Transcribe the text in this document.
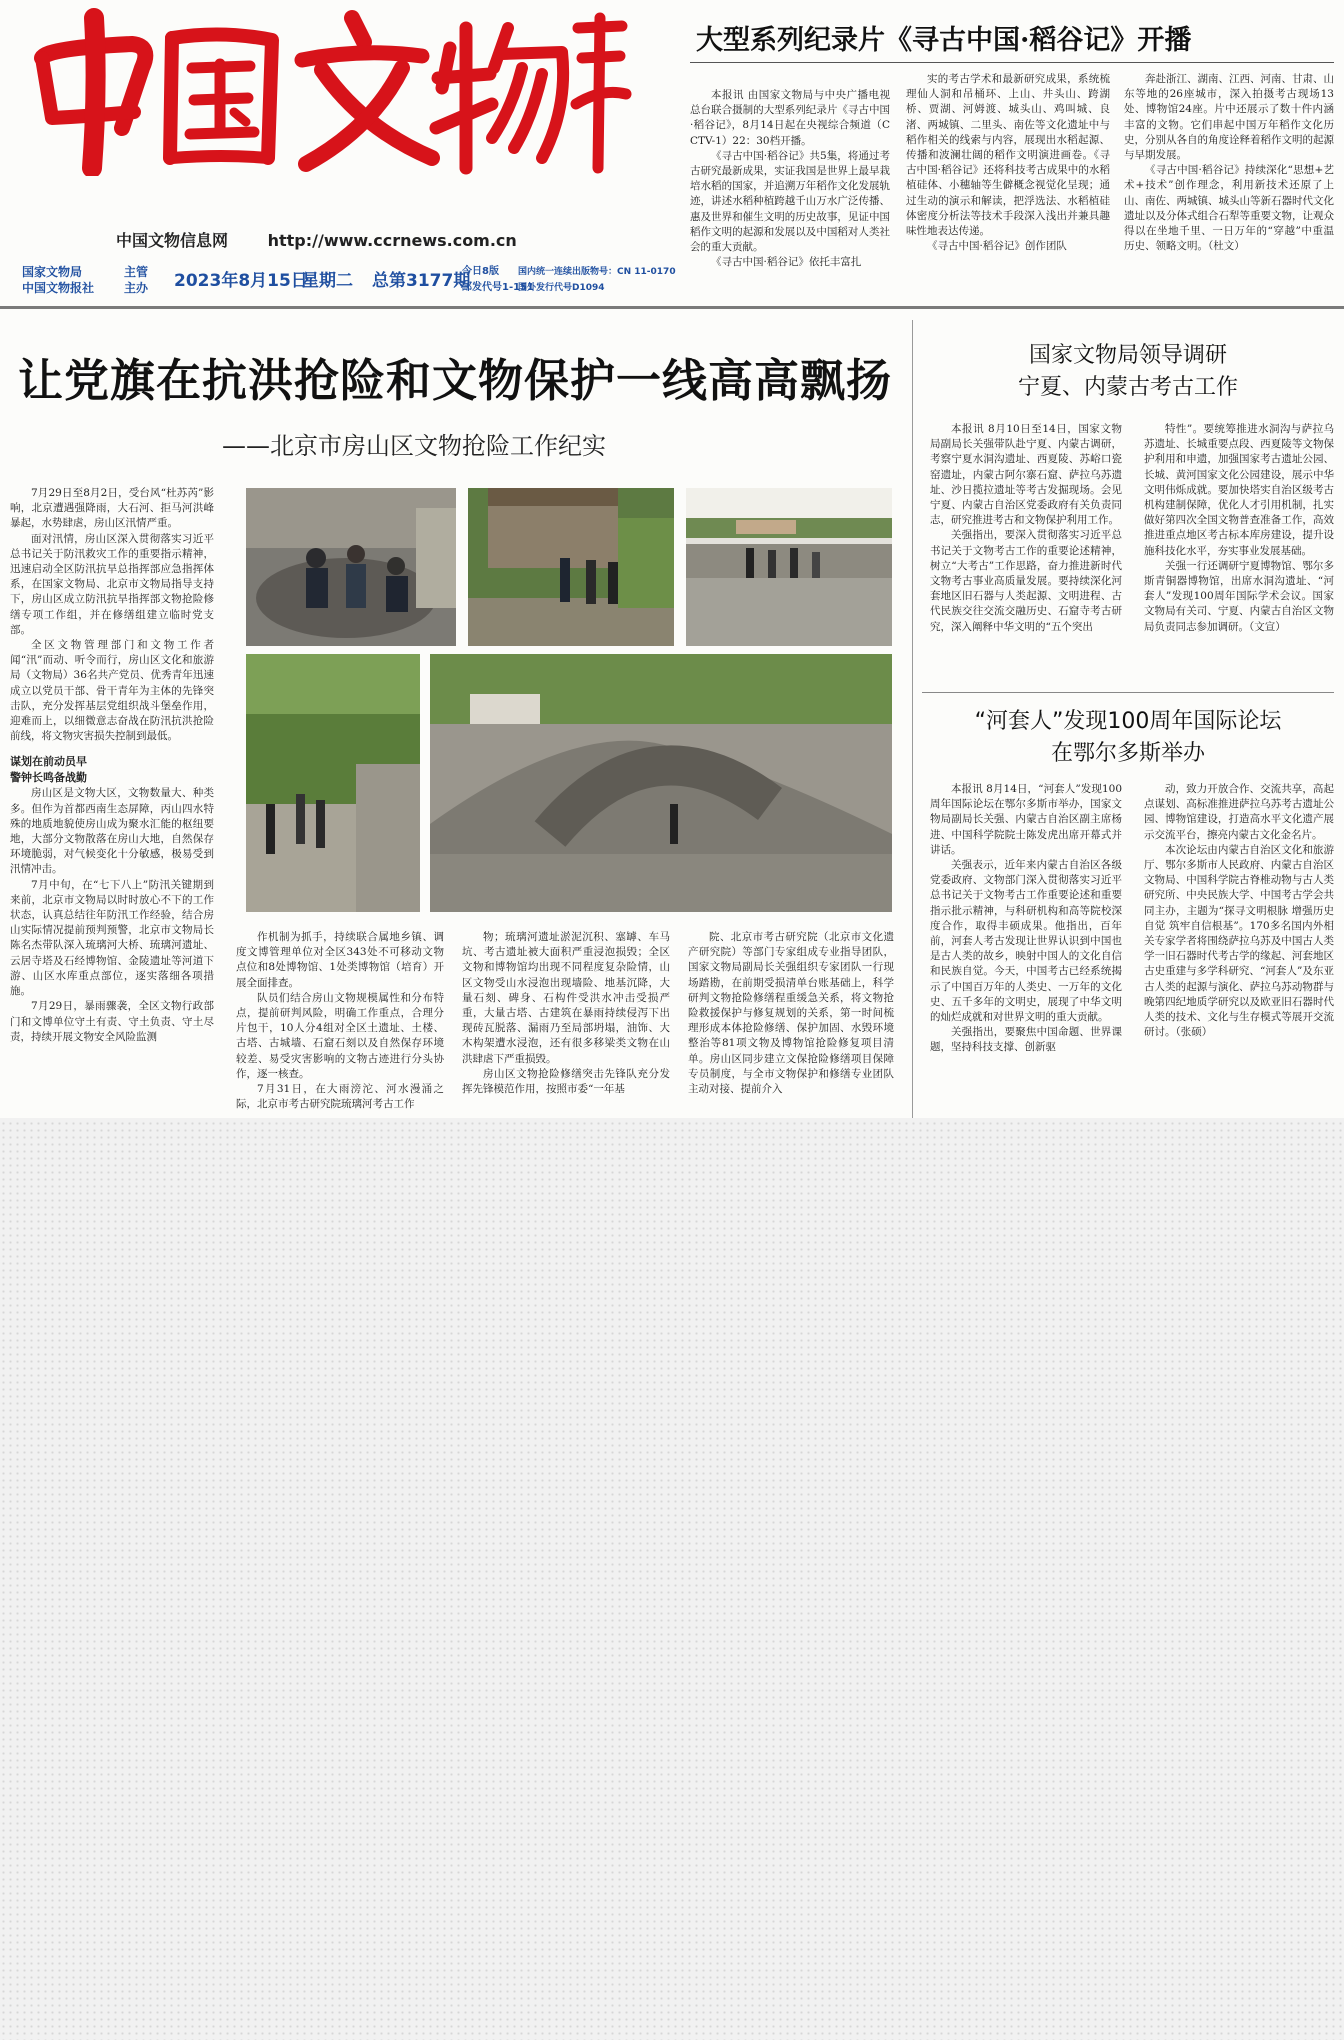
中国文物信息网 http://www.ccrnews.com.cn
国家文物局
中国文物报社
主管
主办 2023年8月15日
星期二 总第3177期
今日8版
邮发代号1-151
国内统一连续出版物号：CN 11-0170
国外发行代号D1094
大型系列纪录片《寻古中国·稻谷记》开播

本报讯 由国家文物局与中央广播电视总台联合摄制的大型系列纪录片《寻古中国·稻谷记》，8月14日起在央视综合频道（CCTV-1）22：30档开播。

《寻古中国·稻谷记》共5集，将通过考古研究最新成果，实证我国是世界上最早栽培水稻的国家，并追溯万年稻作文化发展轨迹，讲述水稻种植跨越千山万水广泛传播、惠及世界和催生文明的历史故事，见证中国稻作文明的起源和发展以及中国稻对人类社会的重大贡献。

《寻古中国·稻谷记》依托丰富扎

实的考古学术和最新研究成果，系统梳理仙人洞和吊桶环、上山、井头山、跨湖桥、贾湖、河姆渡、城头山、鸡叫城、良渚、两城镇、二里头、南佐等文化遗址中与稻作相关的线索与内容，展现出水稻起源、传播和波澜壮阔的稻作文明演进画卷。《寻古中国·稻谷记》还将科技考古成果中的水稻植硅体、小穗轴等生僻概念视觉化呈现；通过生动的演示和解读，把浮选法、水稻植硅体密度分析法等技术手段深入浅出并兼具趣味性地表达传递。

《寻古中国·稻谷记》创作团队

奔赴浙江、湖南、江西、河南、甘肃、山东等地的26座城市，深入拍摄考古现场13处、博物馆24座。片中还展示了数十件内涵丰富的文物。它们串起中国万年稻作文化历史，分别从各自的角度诠释着稻作文明的起源与早期发展。

《寻古中国·稻谷记》持续深化“思想+艺术+技术”创作理念，利用新技术还原了上山、南佐、两城镇、城头山等新石器时代文化遗址以及分体式组合石犁等重要文物，让观众得以在坐地千里、一日万年的“穿越”中重温历史、领略文明。（杜文）

让党旗在抗洪抢险和文物保护一线高高飘扬
——北京市房山区文物抢险工作纪实

7月29日至8月2日，受台风“杜苏芮”影响，北京遭遇强降雨，大石河、拒马河洪峰暴起，水势肆虐，房山区汛情严重。

面对汛情，房山区深入贯彻落实习近平总书记关于防汛救灾工作的重要指示精神，迅速启动全区防汛抗旱总指挥部应急指挥体系，在国家文物局、北京市文物局指导支持下，房山区成立防汛抗旱指挥部文物抢险修缮专项工作组，并在修缮组建立临时党支部。

全区文物管理部门和文物工作者闻“汛”而动、听令而行，房山区文化和旅游局（文物局）36名共产党员、优秀青年迅速成立以党员干部、骨干青年为主体的先锋突击队，充分发挥基层党组织战斗堡垒作用，迎难而上，以细微意志奋战在防汛抗洪抢险前线，将文物灾害损失控制到最低。

谋划在前动员早
警钟长鸣备战勤

房山区是文物大区，文物数量大、种类多。但作为首都西南生态屏障，丙山四水特殊的地质地貌使房山成为聚水汇能的枢纽要地，大部分文物散落在房山大地，自然保存环境脆弱，对气候变化十分敏感，极易受到汛情冲击。

7月中旬，在“七下八上”防汛关键期到来前，北京市文物局以时时放心不下的工作状态，认真总结往年防汛工作经验，结合房山实际情况提前预判预警，北京市文物局长陈名杰带队深入琉璃河大桥、琉璃河遗址、云居寺塔及石经博物馆、金陵遗址等河道下游、山区水库重点部位，逐实落细各项措施。

7月29日，暴雨骤袭，全区文物行政部门和文博单位守土有责、守土负责、守土尽责，持续开展文物安全风险监测

作机制为抓手，持续联合属地乡镇、调度文博管理单位对全区343处不可移动文物点位和8处博物馆、1处类博物馆（培育）开展全面排查。

队员们结合房山文物规模属性和分布特点，提前研判风险，明确工作重点，合理分片包干，10人分4组对全区土遗址、土楼、古塔、古城墙、石窟石刻以及自然保存环境较差、易受灾害影响的文物古迹进行分头协作，逐一核查。

7月31日，在大雨滂沱、河水漫涌之际，北京市考古研究院琉璃河考古工作

物；琉璃河遗址淤泥沉积、塞罅、车马坑、考古遗址被大面积严重浸泡损毁；全区文物和博物馆均出现不同程度复杂险情，山区文物受山水浸泡出现墙险、地基沉降，大量石刻、碑身、石构件受洪水冲击受损严重，大量古塔、古建筑在暴雨持续侵泻下出现砖瓦脱落、漏雨乃至局部坍塌，油饰、大木构架遭水浸泡，还有很多移梁类文物在山洪肆虐下严重损毁。

房山区文物抢险修缮突击先锋队充分发挥先锋模范作用，按照市委“一年基

院、北京市考古研究院（北京市文化遗产研究院）等部门专家组成专业指导团队，国家文物局副局长关强组织专家团队一行现场踏勘，在前期受损清单台账基础上，科学研判文物抢险修缮程重缓急关系，将文物抢险救援保护与修复规划的关系，第一时间梳理形成本体抢险修缮、保护加固、水毁环境整治等81项文物及博物馆抢险修复项目清单。房山区同步建立文保抢险修缮项目保障专员制度，与全市文物保护和修缮专业团队主动对接、提前介入

国家文物局领导调研
宁夏、内蒙古考古工作

本报讯 8月10日至14日，国家文物局副局长关强带队赴宁夏、内蒙古调研，考察宁夏水洞沟遗址、西夏陵、苏峪口瓷窑遗址，内蒙古阿尔寨石窟、萨拉乌苏遗址、沙日揽拉遗址等考古发掘现场。会见宁夏、内蒙古自治区党委政府有关负责同志，研究推进考古和文物保护利用工作。

关强指出，要深入贯彻落实习近平总书记关于文物考古工作的重要论述精神，树立“大考古”工作思路，奋力推进新时代文物考古事业高质量发展。要持续深化河套地区旧石器与人类起源、文明进程、古代民族交往交流交融历史、石窟寺考古研究，深入阐释中华文明的“五个突出

特性”。要统筹推进水洞沟与萨拉乌苏遗址、长城重要点段、西夏陵等文物保护利用和申遗，加强国家考古遗址公园、长城、黄河国家文化公园建设，展示中华文明伟烁成就。要加快塔实自治区级考古机构建制保障，优化人才引用机制，扎实做好第四次全国文物普查准备工作，高效推进重点地区考古标本库房建设，提升设施科技化水平，夯实事业发展基础。

关强一行还调研宁夏博物馆、鄂尔多斯青铜器博物馆，出席水洞沟遗址、“河套人”发现100周年国际学术会议。国家文物局有关司、宁夏、内蒙古自治区文物局负责同志参加调研。（文宣）

“河套人”发现100周年国际论坛
在鄂尔多斯举办

本报讯 8月14日，“河套人”发现100周年国际论坛在鄂尔多斯市举办，国家文物局副局长关强、内蒙古自治区副主席杨进、中国科学院院士陈发虎出席开幕式并讲话。

关强表示，近年来内蒙古自治区各级党委政府、文物部门深入贯彻落实习近平总书记关于文物考古工作重要论述和重要指示批示精神，与科研机构和高等院校深度合作，取得丰硕成果。他指出，百年前，河套人考古发现让世界认识到中国也是古人类的故乡，映射中国人的文化自信和民族自觉。今天，中国考古已经系统揭示了中国百万年的人类史、一万年的文化史、五千多年的文明史，展现了中华文明的灿烂成就和对世界文明的重大贡献。

关强指出，要聚焦中国命题、世界课题，坚持科技支撑、创新驱

动，致力开放合作、交流共享，高起点谋划、高标准推进萨拉乌苏考古遗址公园、博物馆建设，打造高水平文化遗产展示交流平台，擦亮内蒙古文化金名片。

本次论坛由内蒙古自治区文化和旅游厅、鄂尔多斯市人民政府、内蒙古自治区文物局、中国科学院古脊椎动物与古人类研究所、中央民族大学、中国考古学会共同主办，主题为“探寻文明根脉 增强历史自觉 筑牢自信根基”。170多名国内外相关专家学者将围绕萨拉乌苏及中国古人类学一旧石器时代考古学的缘起、河套地区古史重建与多学科研究、“河套人”及东亚古人类的起源与演化、萨拉乌苏动物群与晚第四纪地质学研究以及欧亚旧石器时代人类的技术、文化与生存模式等展开交流研讨。（张硕）
